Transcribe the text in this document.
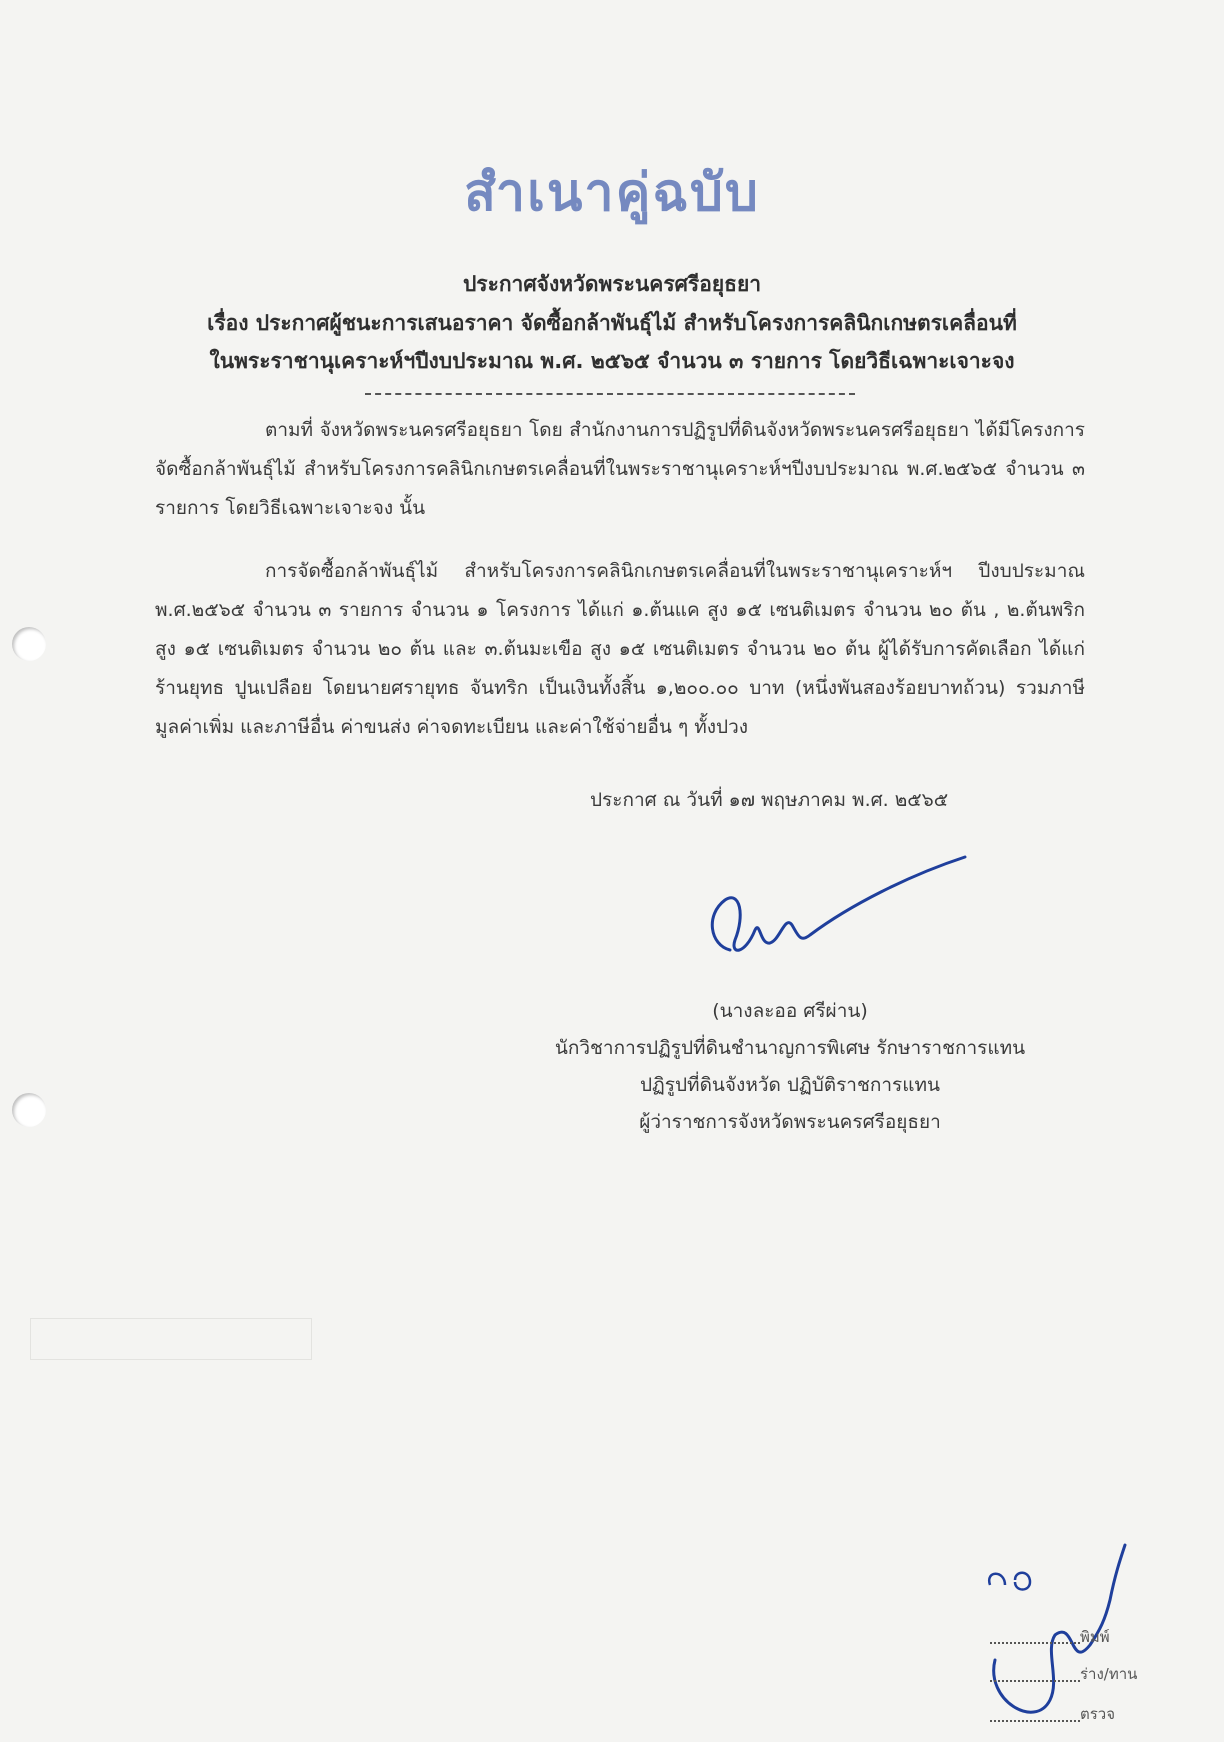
สำเนาคู่ฉบับ
ประกาศจังหวัดพระนครศรีอยุธยา
เรื่อง ประกาศผู้ชนะการเสนอราคา จัดซื้อกล้าพันธุ์ไม้ สำหรับโครงการคลินิกเกษตรเคลื่อนที่
ในพระราชานุเคราะห์ฯปีงบประมาณ พ.ศ. ๒๕๖๕ จำนวน ๓ รายการ โดยวิธีเฉพาะเจาะจง
ตามที่ จังหวัดพระนครศรีอยุธยา โดย สำนักงานการปฏิรูปที่ดินจังหวัดพระนครศรีอยุธยา ได้มีโครงการจัดซื้อกล้าพันธุ์ไม้ สำหรับโครงการคลินิกเกษตรเคลื่อนที่ในพระราชานุเคราะห์ฯปีงบประมาณ พ.ศ.๒๕๖๕ จำนวน ๓ รายการ โดยวิธีเฉพาะเจาะจง นั้น
การจัดซื้อกล้าพันธุ์ไม้ สำหรับโครงการคลินิกเกษตรเคลื่อนที่ในพระราชานุเคราะห์ฯ ปีงบประมาณ พ.ศ.๒๕๖๕ จำนวน ๓ รายการ จำนวน ๑ โครงการ ได้แก่ ๑.ต้นแค สูง ๑๕ เซนติเมตร จำนวน ๒๐ ต้น , ๒.ต้นพริก สูง ๑๕ เซนติเมตร จำนวน ๒๐ ต้น และ ๓.ต้นมะเขือ สูง ๑๕ เซนติเมตร จำนวน ๒๐ ต้น ผู้ได้รับการคัดเลือก ได้แก่ ร้านยุทธ ปูนเปลือย โดยนายศรายุทธ จันทริก เป็นเงินทั้งสิ้น ๑,๒๐๐.๐๐ บาท (หนึ่งพันสองร้อยบาทถ้วน) รวมภาษีมูลค่าเพิ่ม และภาษีอื่น ค่าขนส่ง ค่าจดทะเบียน และค่าใช้จ่ายอื่น ๆ ทั้งปวง
ประกาศ ณ วันที่ ๑๗ พฤษภาคม พ.ศ. ๒๕๖๕
(นางละออ ศรีผ่าน)
นักวิชาการปฏิรูปที่ดินชำนาญการพิเศษ รักษาราชการแทน
ปฏิรูปที่ดินจังหวัด ปฏิบัติราชการแทน
ผู้ว่าราชการจังหวัดพระนครศรีอยุธยา
พิมพ์
ร่าง/ทาน
ตรวจ
